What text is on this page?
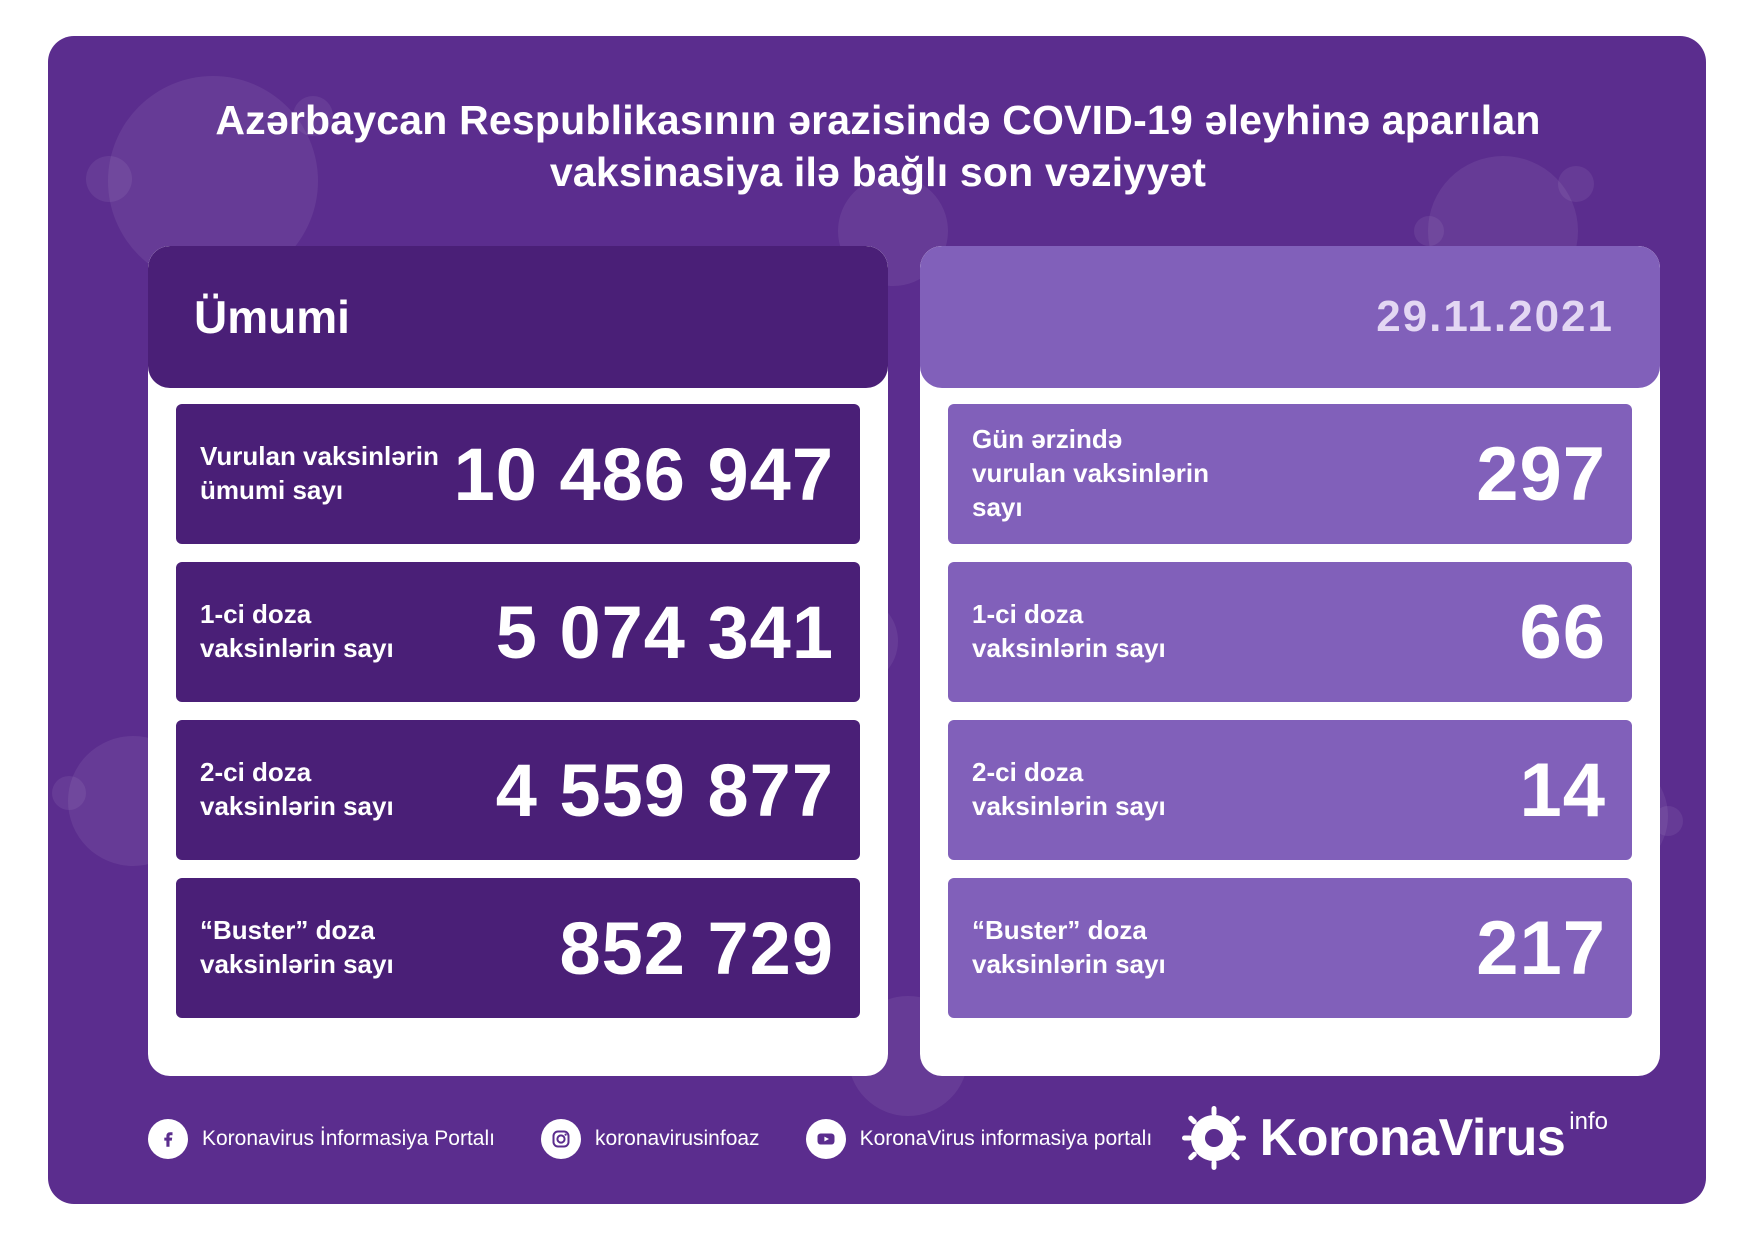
Azərbaycan Respublikasının ərazisində COVID-19 əleyhinə aparılan vaksinasiya ilə bağlı son vəziyyət
Ümumi
Vurulan vaksinlərin ümumi sayı	10 486 947
1-ci doza vaksinlərin sayı	5 074 341
2-ci doza vaksinlərin sayı	4 559 877
“Buster” doza vaksinlərin sayı	852 729
29.11.2021
Gün ərzində vurulan vaksinlərin sayı	297
1-ci doza vaksinlərin sayı	66
2-ci doza vaksinlərin sayı	14
“Buster” doza vaksinlərin sayı	217
Koronavirus İnformasiya Portalı	koronavirusinfoaz	KoronaVirus informasiya portalı KoronaVirus info
